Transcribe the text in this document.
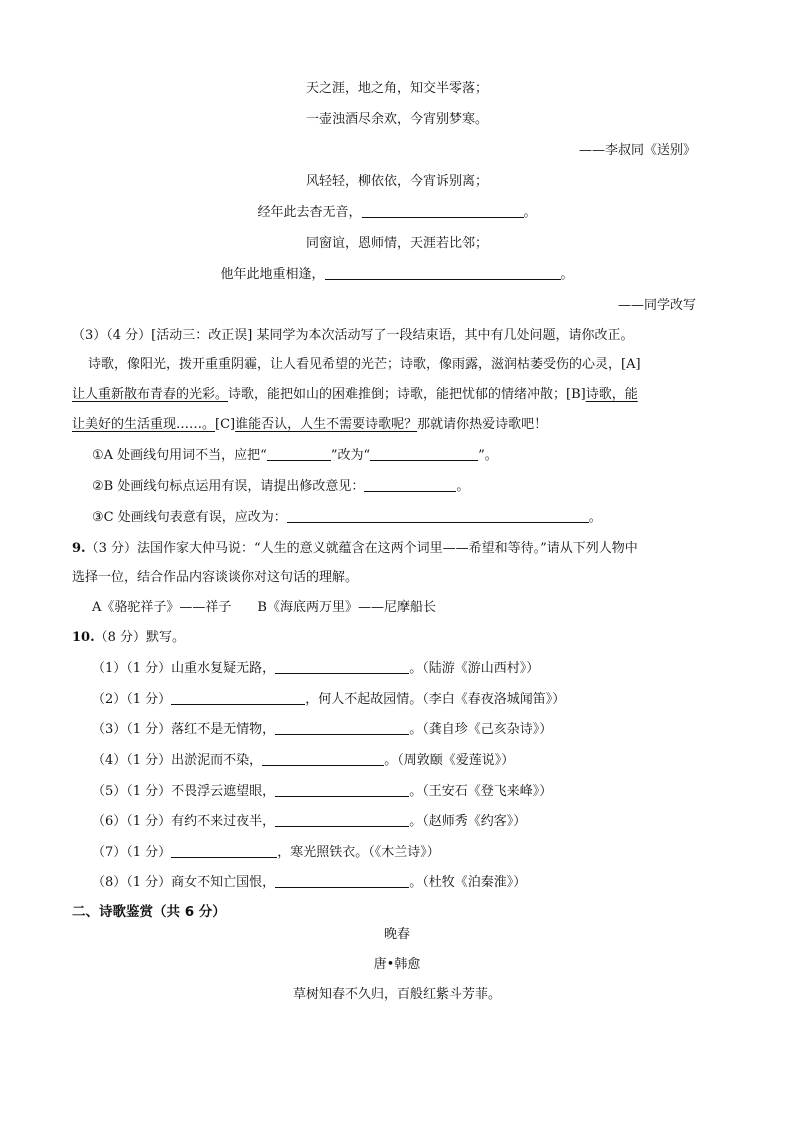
天之涯，地之角，知交半零落；
一壶浊酒尽余欢，今宵别梦寒。
——李叔同《送别》
风轻轻，柳依依，今宵诉别离；
经年此去杳无音，	。
同窗谊，恩师情，天涯若比邻；
他年此地重相逢，	。
——同学改写
（3）（4 分）[活动三：改正误] 某同学为本次活动写了一段结束语，其中有几处问题，请你改正。
诗歌，像阳光，拨开重重阴霾，让人看见希望的光芒；诗歌，像雨露，滋润枯萎受伤的心灵，[A]
让人重新散布青春的光彩。诗歌，能把如山的困难推倒；诗歌，能把忧郁的情绪冲散；[B]诗歌，能
让美好的生活重现……。[C]谁能否认，人生不需要诗歌呢？那就请你热爱诗歌吧！
①A 处画线句用词不当，应把“	”改为“	”。
②B 处画线句标点运用有误，请提出修改意见：	。
③C 处画线句表意有误，应改为：	。
9.（3 分）法国作家大仲马说：“人生的意义就蕴含在这两个词里——希望和等待。”请从下列人物中
选择一位，结合作品内容谈谈你对这句话的理解。
A《骆驼祥子》——祥子 B《海底两万里》——尼摩船长
10.（8 分）默写。
（1）（1 分）山重水复疑无路，	。（陆游《游山西村》）
（2）（1 分）	，何人不起故园情。（李白《春夜洛城闻笛》）
（3）（1 分）落红不是无情物，	。（龚自珍《己亥杂诗》）
（4）（1 分）出淤泥而不染，	。（周敦颐《爱莲说》）
（5）（1 分）不畏浮云遮望眼，	。（王安石《登飞来峰》）
（6）（1 分）有约不来过夜半，	。（赵师秀《约客》）
（7）（1 分）	，寒光照铁衣。（《木兰诗》）
（8）（1 分）商女不知亡国恨，	。（杜牧《泊秦淮》）
二、诗歌鉴赏（共 6 分）
晚春
唐•韩愈
草树知春不久归，百般红紫斗芳菲。
